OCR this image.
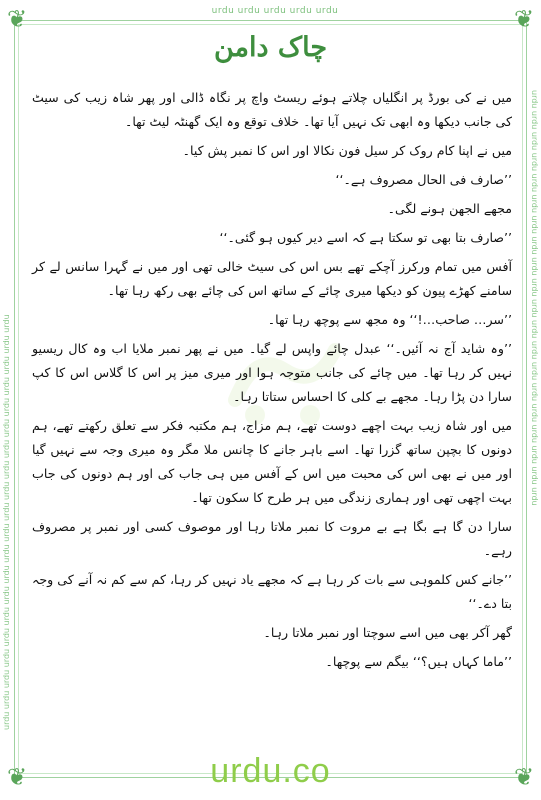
urdu urdu urdu urdu urdu
urdu urdu urdu urdu urdu urdu urdu urdu urdu urdu urdu urdu urdu urdu urdu urdu urdu urdu urdu urdu
urdu urdu urdu urdu urdu urdu urdu urdu urdu urdu urdu urdu urdu urdu urdu urdu urdu urdu urdu urdu
❦	❦
❦	❦
چاک دامن

میں نے کی بورڈ پر انگلیاں چلاتے ہوئے ریسٹ واچ پر نگاہ ڈالی اور پھر شاہ زیب کی سیٹ کی جانب دیکھا وہ ابھی تک نہیں آیا تھا۔ خلاف توقع وہ ایک گھنٹہ لیٹ تھا۔

میں نے اپنا کام روک کر سیل فون نکالا اور اس کا نمبر پش کیا۔

’’صارف فی الحال مصروف ہے۔‘‘

مجھے الجھن ہونے لگی۔

’’صارف بتا بھی تو سکتا ہے کہ اسے دیر کیوں ہو گئی۔‘‘

آفس میں تمام ورکرز آچکے تھے بس اس کی سیٹ خالی تھی اور میں نے گہرا سانس لے کر سامنے کھڑے پیون کو دیکھا میری چائے کے ساتھ اس کی چائے بھی رکھ رہا تھا۔

’’سر… صاحب…!‘‘ وہ مجھ سے پوچھ رہا تھا۔

’’وہ شاید آج نہ آئیں۔‘‘ عبدل چائے واپس لے گیا۔ میں نے پھر نمبر ملایا اب وہ کال ریسیو نہیں کر رہا تھا۔ میں چائے کی جانب متوجہ ہوا اور میری میز پر اس کا گلاس اس کا کپ سارا دن پڑا رہا۔ مجھے بے کلی کا احساس ستاتا رہا۔

میں اور شاہ زیب بہت اچھے دوست تھے، ہم مزاج، ہم مکتبہ فکر سے تعلق رکھتے تھے، ہم دونوں کا بچپن ساتھ گزرا تھا۔ اسے باہر جانے کا چانس ملا مگر وہ میری وجہ سے نہیں گیا اور میں نے بھی اس کی محبت میں اس کے آفس میں ہی جاب کی اور ہم دونوں کی جاب بہت اچھی تھی اور ہماری زندگی میں ہر طرح کا سکون تھا۔

سارا دن گا ہے بگا ہے بے مروت کا نمبر ملاتا رہا اور موصوف کسی اور نمبر پر مصروف رہے۔

’’جانے کس کلموہی سے بات کر رہا ہے کہ مجھے یاد نہیں کر رہا، کم سے کم نہ آنے کی وجہ بتا دے۔‘‘

گھر آکر بھی میں اسے سوچتا اور نمبر ملاتا رہا۔

’’ماما کہاں ہیں؟‘‘ بیگم سے پوچھا۔

urdu.co
